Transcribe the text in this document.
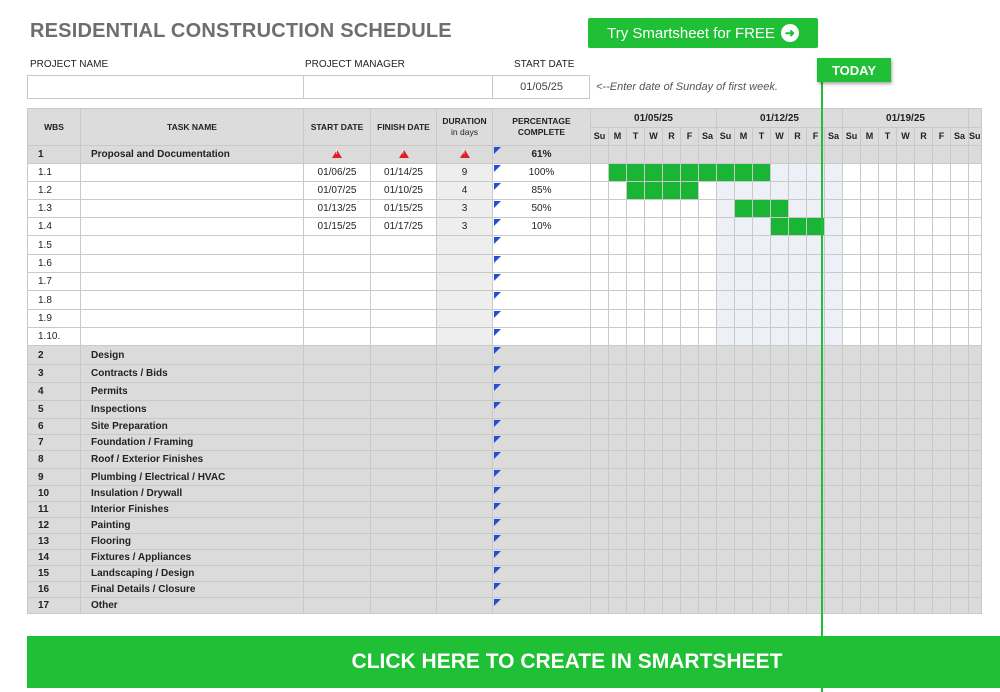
RESIDENTIAL CONSTRUCTION SCHEDULE	Try Smartsheet for FREE ➜
PROJECT NAME	PROJECT MANAGER	START DATE
01/05/25	<--Enter date of Sunday of first week.
WBS	TASK NAME	START DATE	FINISH DATE	DURATION
in days	PERCENTAGE COMPLETE	01/05/25							01/12/25							01/19/25							
						Su	M	T	W	R	F	Sa	Su	M	T	W	R	F	Sa	Su	M	T	W	R	F	Sa	Su
1	Proposal and Documentation	!	!	!	61%																						
1.1		01/06/25	01/14/25	9	100%																						
1.2		01/07/25	01/10/25	4	85%																						
1.3		01/13/25	01/15/25	3	50%																						
1.4		01/15/25	01/17/25	3	10%																						
1.5					

1.6					

1.7					

1.8					

1.9					

1.10.					

2	Design				

3	Contracts / Bids				

4	Permits				

5	Inspections				

6	Site Preparation				

7	Foundation / Framing				

8	Roof / Exterior Finishes				

9	Plumbing / Electrical / HVAC				

10	Insulation / Drywall				

11	Interior Finishes				

12	Painting				

13	Flooring				

14	Fixtures / Appliances				

15	Landscaping / Design				

16	Final Details / Closure				

17	Other				

TODAY
CLICK HERE TO CREATE IN SMARTSHEET
